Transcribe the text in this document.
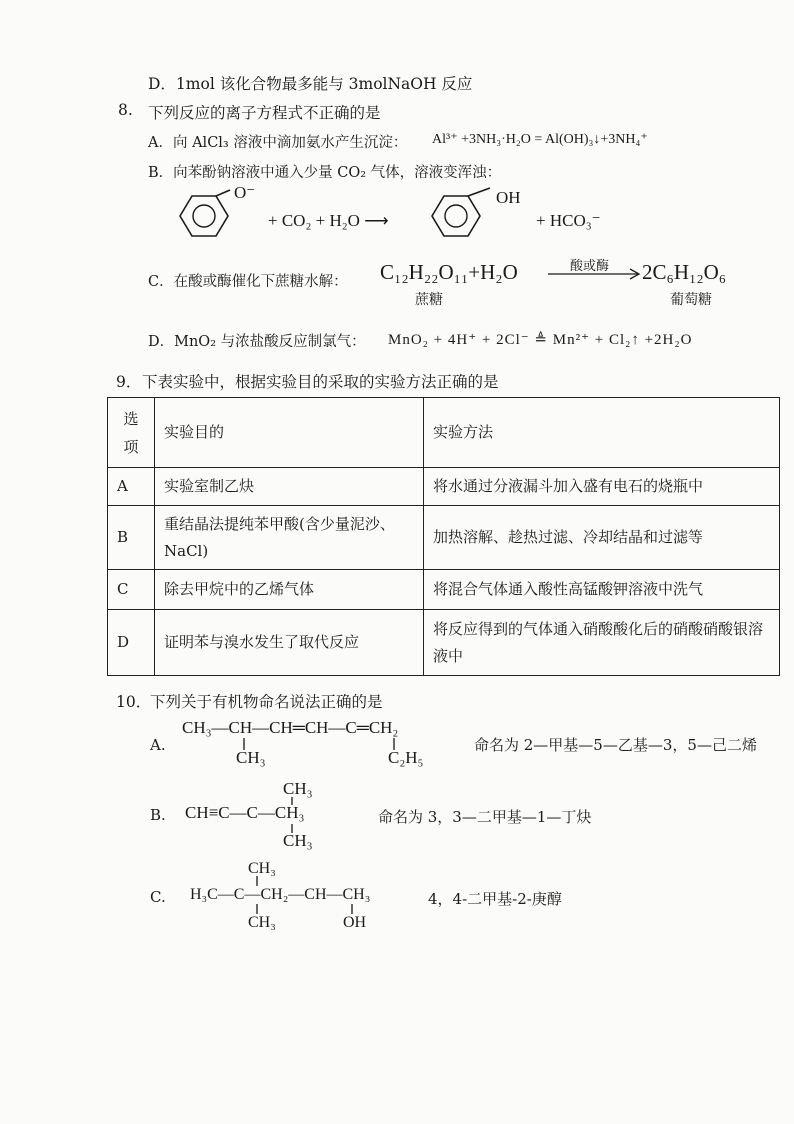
D．1mol 该化合物最多能与 3molNaOH 反应
8. 下列反应的离子方程式不正确的是
A．向 AlCl₃ 溶液中滴加氨水产生沉淀： Al³⁺ +3NH₃·H₂O = Al(OH)₃↓+3NH₄⁺
B．向苯酚钠溶液中通入少量 CO₂ 气体，溶液变浑浊：
O⁻
+ CO₂ + H₂O ⟶
OH
+ HCO₃⁻
C．在酸或酶催化下蔗糖水解： C₁₂H₂₂O₁₁+H₂O	酸或酶 2C₆H₁₂O₆
蔗糖	葡萄糖
D．MnO₂ 与浓盐酸反应制氯气： MnO₂ + 4H⁺ + 2Cl⁻ ≜ Mn²⁺ + Cl₂↑ +2H₂O
9． 下表实验中，根据实验目的采取的实验方法正确的是
选项	实验目的	实验方法
A	实验室制乙炔	将水通过分液漏斗加入盛有电石的烧瓶中
B	重结晶法提纯苯甲酸(含少量泥沙、NaCl)	加热溶解、趁热过滤、冷却结晶和过滤等
C	除去甲烷中的乙烯气体	将混合气体通入酸性高锰酸钾溶液中洗气
D	证明苯与溴水发生了取代反应	将反应得到的气体通入硝酸酸化后的硝酸硝酸银溶液中
10．
下列关于有机物命名说法正确的是
A.
CH₃—CH—CH═CH—C═CH₂
CH₃	C₂H₅
命名为 2—甲基—5—乙基—3，5—己二烯
CH₃
B. CH≡C—C—CH₃
CH₃
命名为 3，3—二甲基—1—丁炔
CH₃
C. H₃C—C—CH₂—CH—CH₃
CH₃	OH
4，4-二甲基-2-庚醇
